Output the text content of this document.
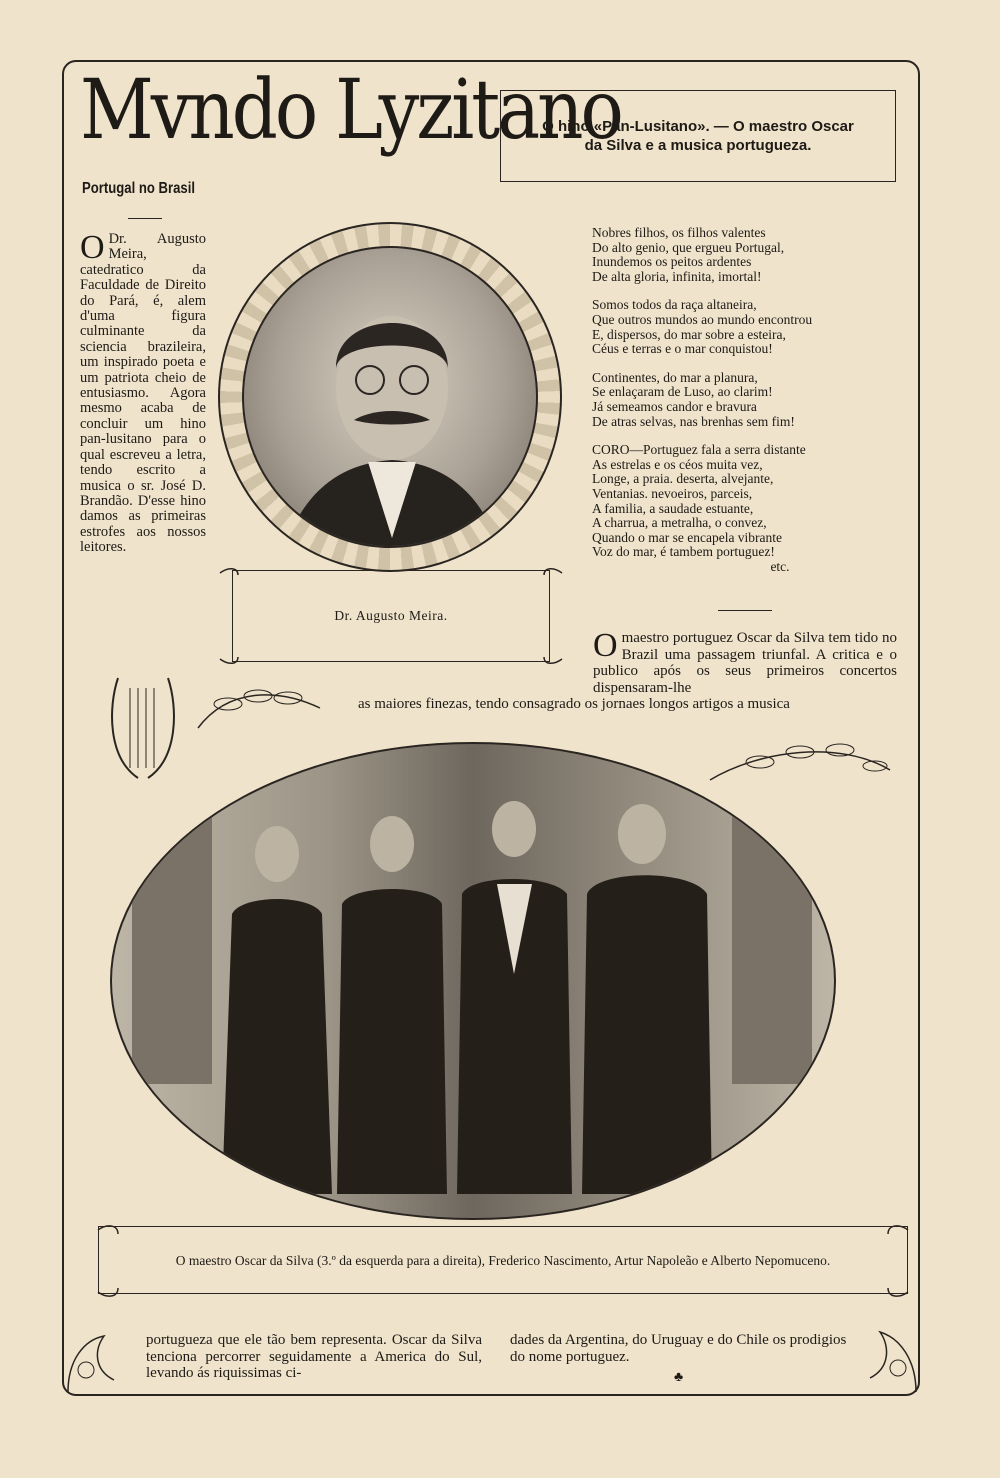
Mvndo Lyzitano
O hino «Pan-Lusitano». — O maestro Oscar da Silva e a musica portugueza.
Portugal no Brasil
O Dr. Augusto Meira, catedratico da Faculdade de Direito do Pará, é, alem d'uma figura culminante da sciencia brazileira, um inspirado poeta e um patriota cheio de entusiasmo. Agora mesmo acaba de concluir um hino pan-lusitano para o qual escreveu a letra, tendo escrito a musica o sr. José D. Brandão. D'esse hino damos as primeiras estrofes aos nossos leitores.
Dr. Augusto Meira.

Nobres filhos, os filhos valentes
Do alto genio, que ergueu Portugal,
Inundemos os peitos ardentes
De alta gloria, infinita, imortal!

Somos todos da raça altaneira,
Que outros mundos ao mundo encontrou
E, dispersos, do mar sobre a esteira,
Céus e terras e o mar conquistou!

Continentes, do mar a planura,
Se enlaçaram de Luso, ao clarim!
Já semeamos candor e bravura
De atras selvas, nas brenhas sem fim!

CORO—Portuguez fala a serra distante
As estrelas e os céos muita vez,
Longe, a praia. deserta, alvejante,
Ventanias. nevoeiros, parceis,
A familia, a saudade estuante,
A charrua, a metralha, o convez,
Quando o mar se encapela vibrante
Voz do mar, é tambem portuguez!

etc.

O maestro portuguez Oscar da Silva tem tido no Brazil uma passagem triunfal. A critica e o publico após os seus primeiros concertos dispensaram-lhe
as maiores finezas, tendo consagrado os jornaes longos artigos a musica
O maestro Oscar da Silva (3.º da esquerda para a direita), Frederico Nascimento, Artur Napoleão e Alberto Nepomuceno.
portugueza que ele tão bem representa. Oscar da Silva tenciona percorrer seguidamente a America do Sul, levando ás riquissimas ci-
dades da Argentina, do Uruguay e do Chile os prodigios do nome portuguez.
♣
